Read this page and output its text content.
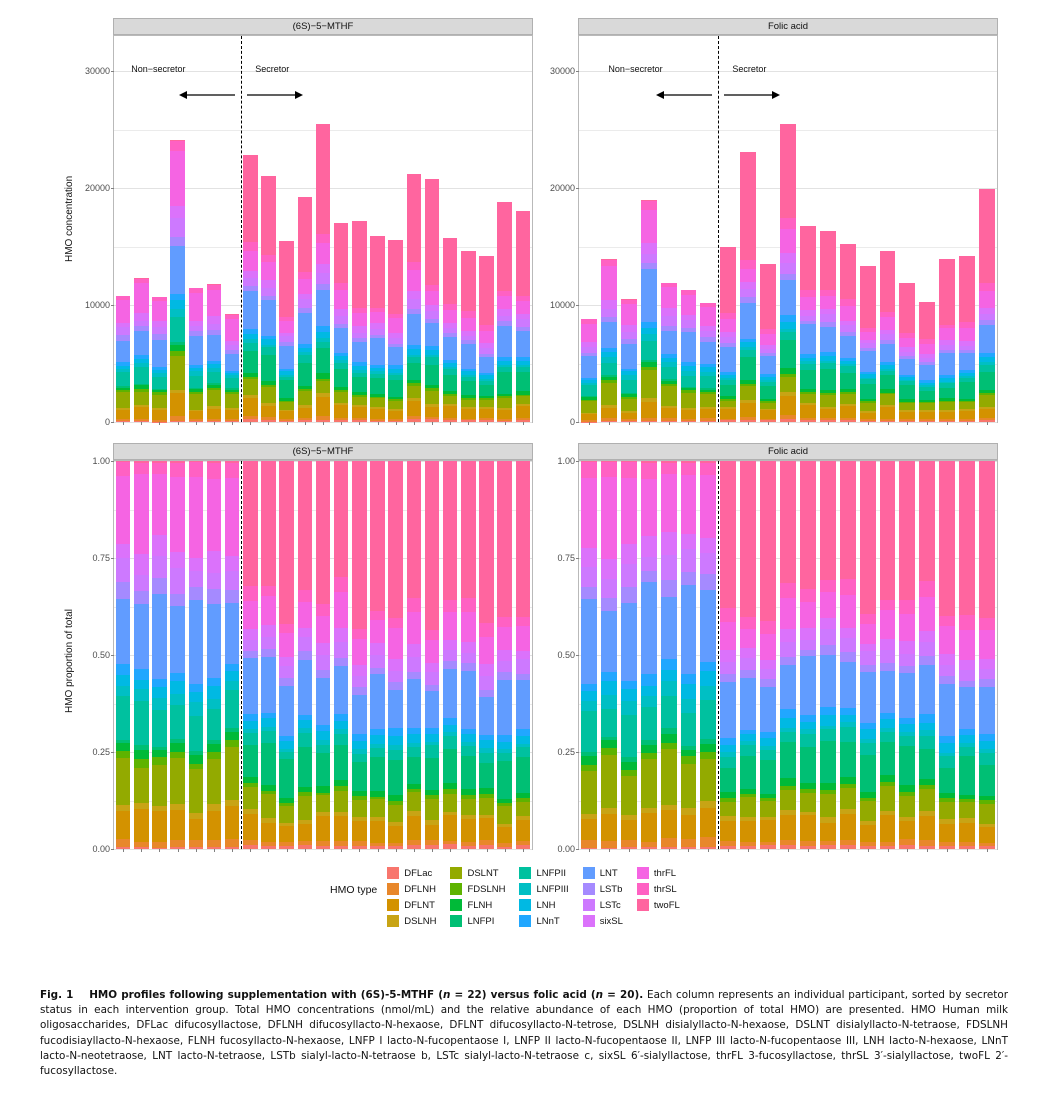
(6S)−5−MTHF
0
10000
20000
30000	Non−secretor	Secretor
HMO concentration
Folic acid
0
10000
20000
30000	Non−secretor	Secretor
(6S)−5−MTHF
0.00
0.25
0.50
0.75
1.00
HMO proportion of total
Folic acid
0.00
0.25
0.50
0.75
1.00
HMO type
DFLac
DFLNH
DFLNT
DSLNH
DSLNT
FDSLNH
FLNH
LNFPI
LNFPII
LNFPIII
LNH
LNnT
LNT
LSTb
LSTc
sixSL
thrFL
thrSL
twoFL
Fig. 1 HMO profiles following supplementation with (6S)-5-MTHF (n = 22) versus folic acid (n = 20). Each column represents an individual participant, sorted by secretor status in each intervention group. Total HMO concentrations (nmol/mL) and the relative abundance of each HMO (proportion of total HMO) are presented. HMO Human milk oligosaccharides, DFLac difucosyllactose, DFLNH difucosyllacto-N-hexaose, DFLNT difucosyllacto-N-tetrose, DSLNH disialyllacto-N-hexaose, DSLNT disialyllacto-N-tetraose, FDSLNH fucodisiayllacto-N-hexaose, FLNH fucosyllacto-N-hexaose, LNFP I lacto-N-fucopentaose I, LNFP II lacto-N-fucopentaose II, LNFP III lacto-N-fucopentaose III, LNH lacto-N-hexaose, LNnT lacto-N-neotetraose, LNT lacto-N-tetraose, LSTb sialyl-lacto-N-tetraose b, LSTc sialyl-lacto-N-tetraose c, sixSL 6′-sialyllactose, thrFL 3-fucosyllactose, thrSL 3′-sialyllactose, twoFL 2′-fucosyllactose.
